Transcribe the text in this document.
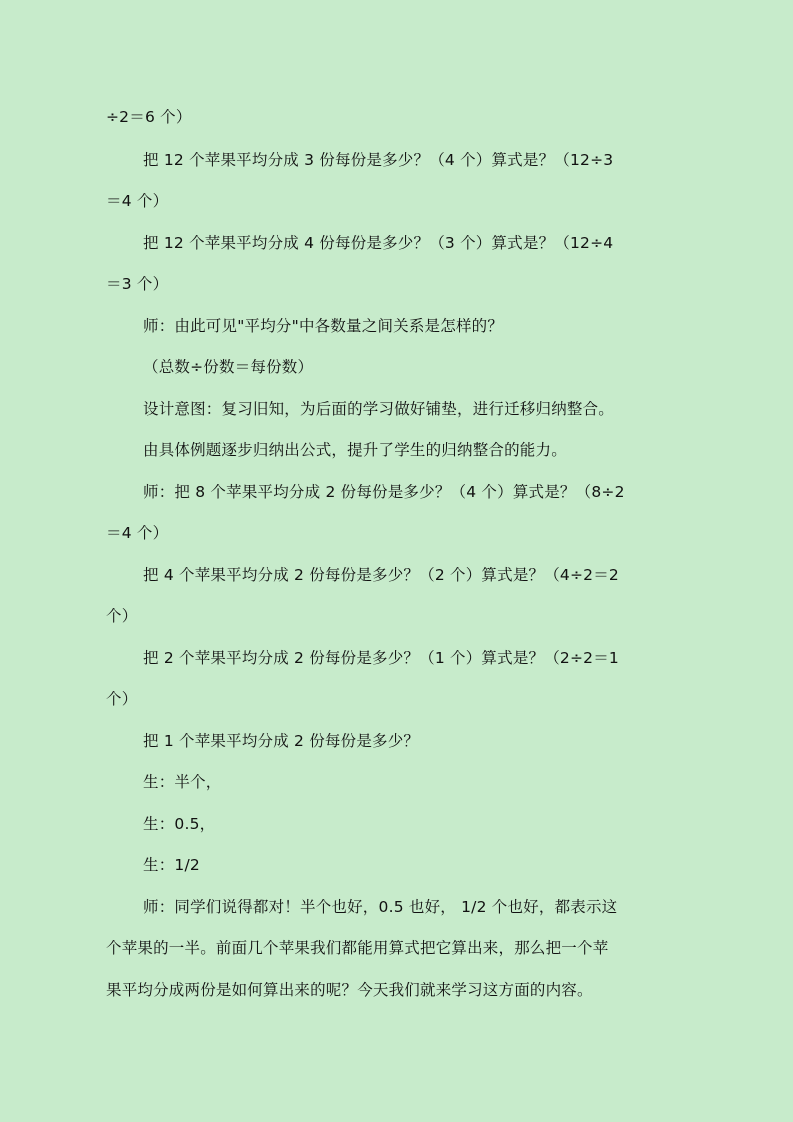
÷2＝6 个）
把 12 个苹果平均分成 3 份每份是多少？（4 个）算式是？（12÷3
＝4 个）
把 12 个苹果平均分成 4 份每份是多少？（3 个）算式是？（12÷4
＝3 个）
师：由此可见"平均分"中各数量之间关系是怎样的？
（总数÷份数＝每份数）
设计意图：复习旧知，为后面的学习做好铺垫，进行迁移归纳整合。
由具体例题逐步归纳出公式，提升了学生的归纳整合的能力。
师：把 8 个苹果平均分成 2 份每份是多少？（4 个）算式是？（8÷2
＝4 个）
把 4 个苹果平均分成 2 份每份是多少？（2 个）算式是？（4÷2＝2
个）
把 2 个苹果平均分成 2 份每份是多少？（1 个）算式是？（2÷2＝1
个）
把 1 个苹果平均分成 2 份每份是多少？
生：半个，
生：0.5，
生：1/2
师：同学们说得都对！半个也好，0.5 也好， 1/2 个也好，都表示这
个苹果的一半。前面几个苹果我们都能用算式把它算出来，那么把一个苹
果平均分成两份是如何算出来的呢？今天我们就来学习这方面的内容。
